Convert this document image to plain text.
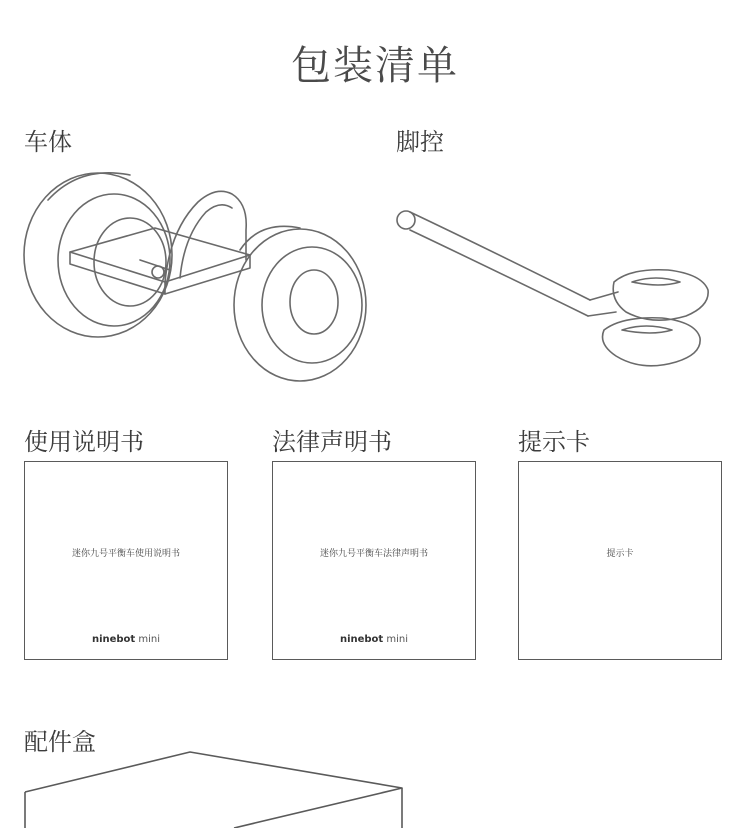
包装清单
车体	脚控
使用说明书
迷你九号平衡车使用说明书
ninebot mini
法律声明书
迷你九号平衡车法律声明书
ninebot mini
提示卡
提示卡
配件盒
